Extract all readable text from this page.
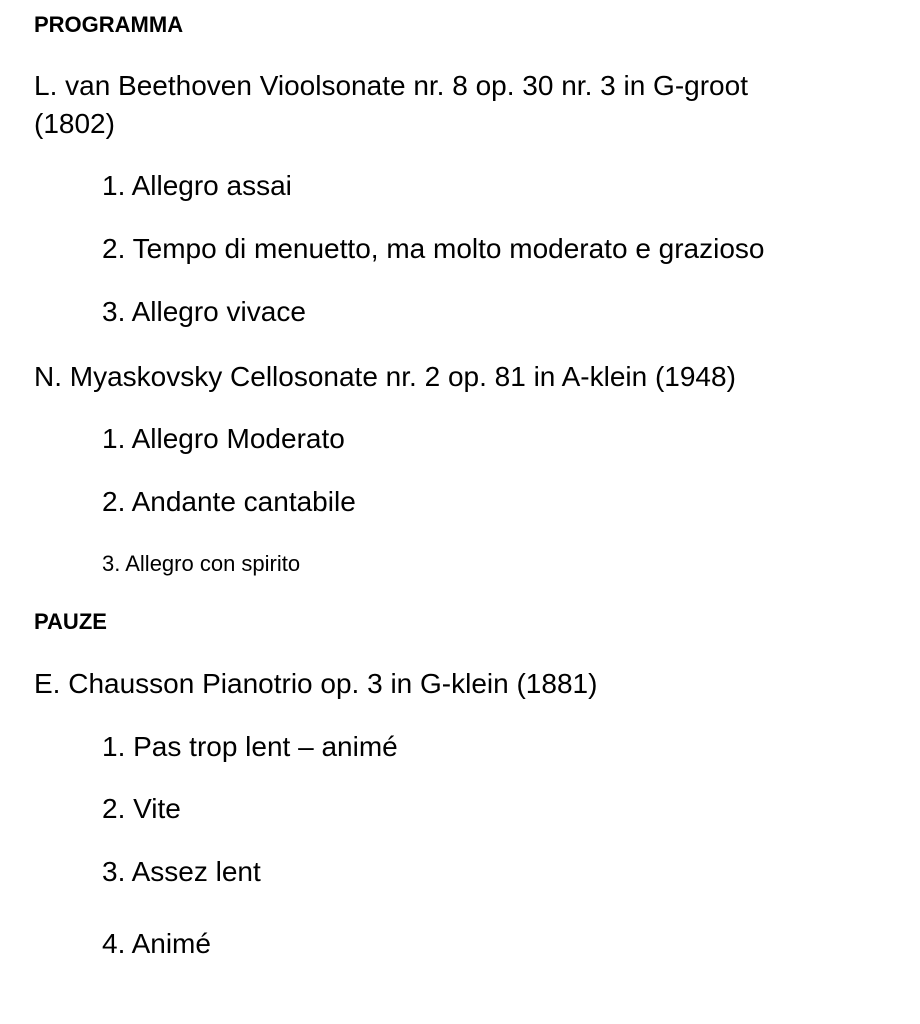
PROGRAMMA
L. van Beethoven Vioolsonate nr. 8 op. 30 nr. 3 in G-groot
(1802)
1. Allegro assai
2. Tempo di menuetto, ma molto moderato e grazioso
3. Allegro vivace
N. Myaskovsky Cellosonate nr. 2 op. 81 in A-klein (1948)
1. Allegro Moderato
2. Andante cantabile
3. Allegro con spirito
PAUZE
E. Chausson Pianotrio op. 3 in G-klein (1881)
1. Pas trop lent – animé
2. Vite
3. Assez lent
4. Animé
